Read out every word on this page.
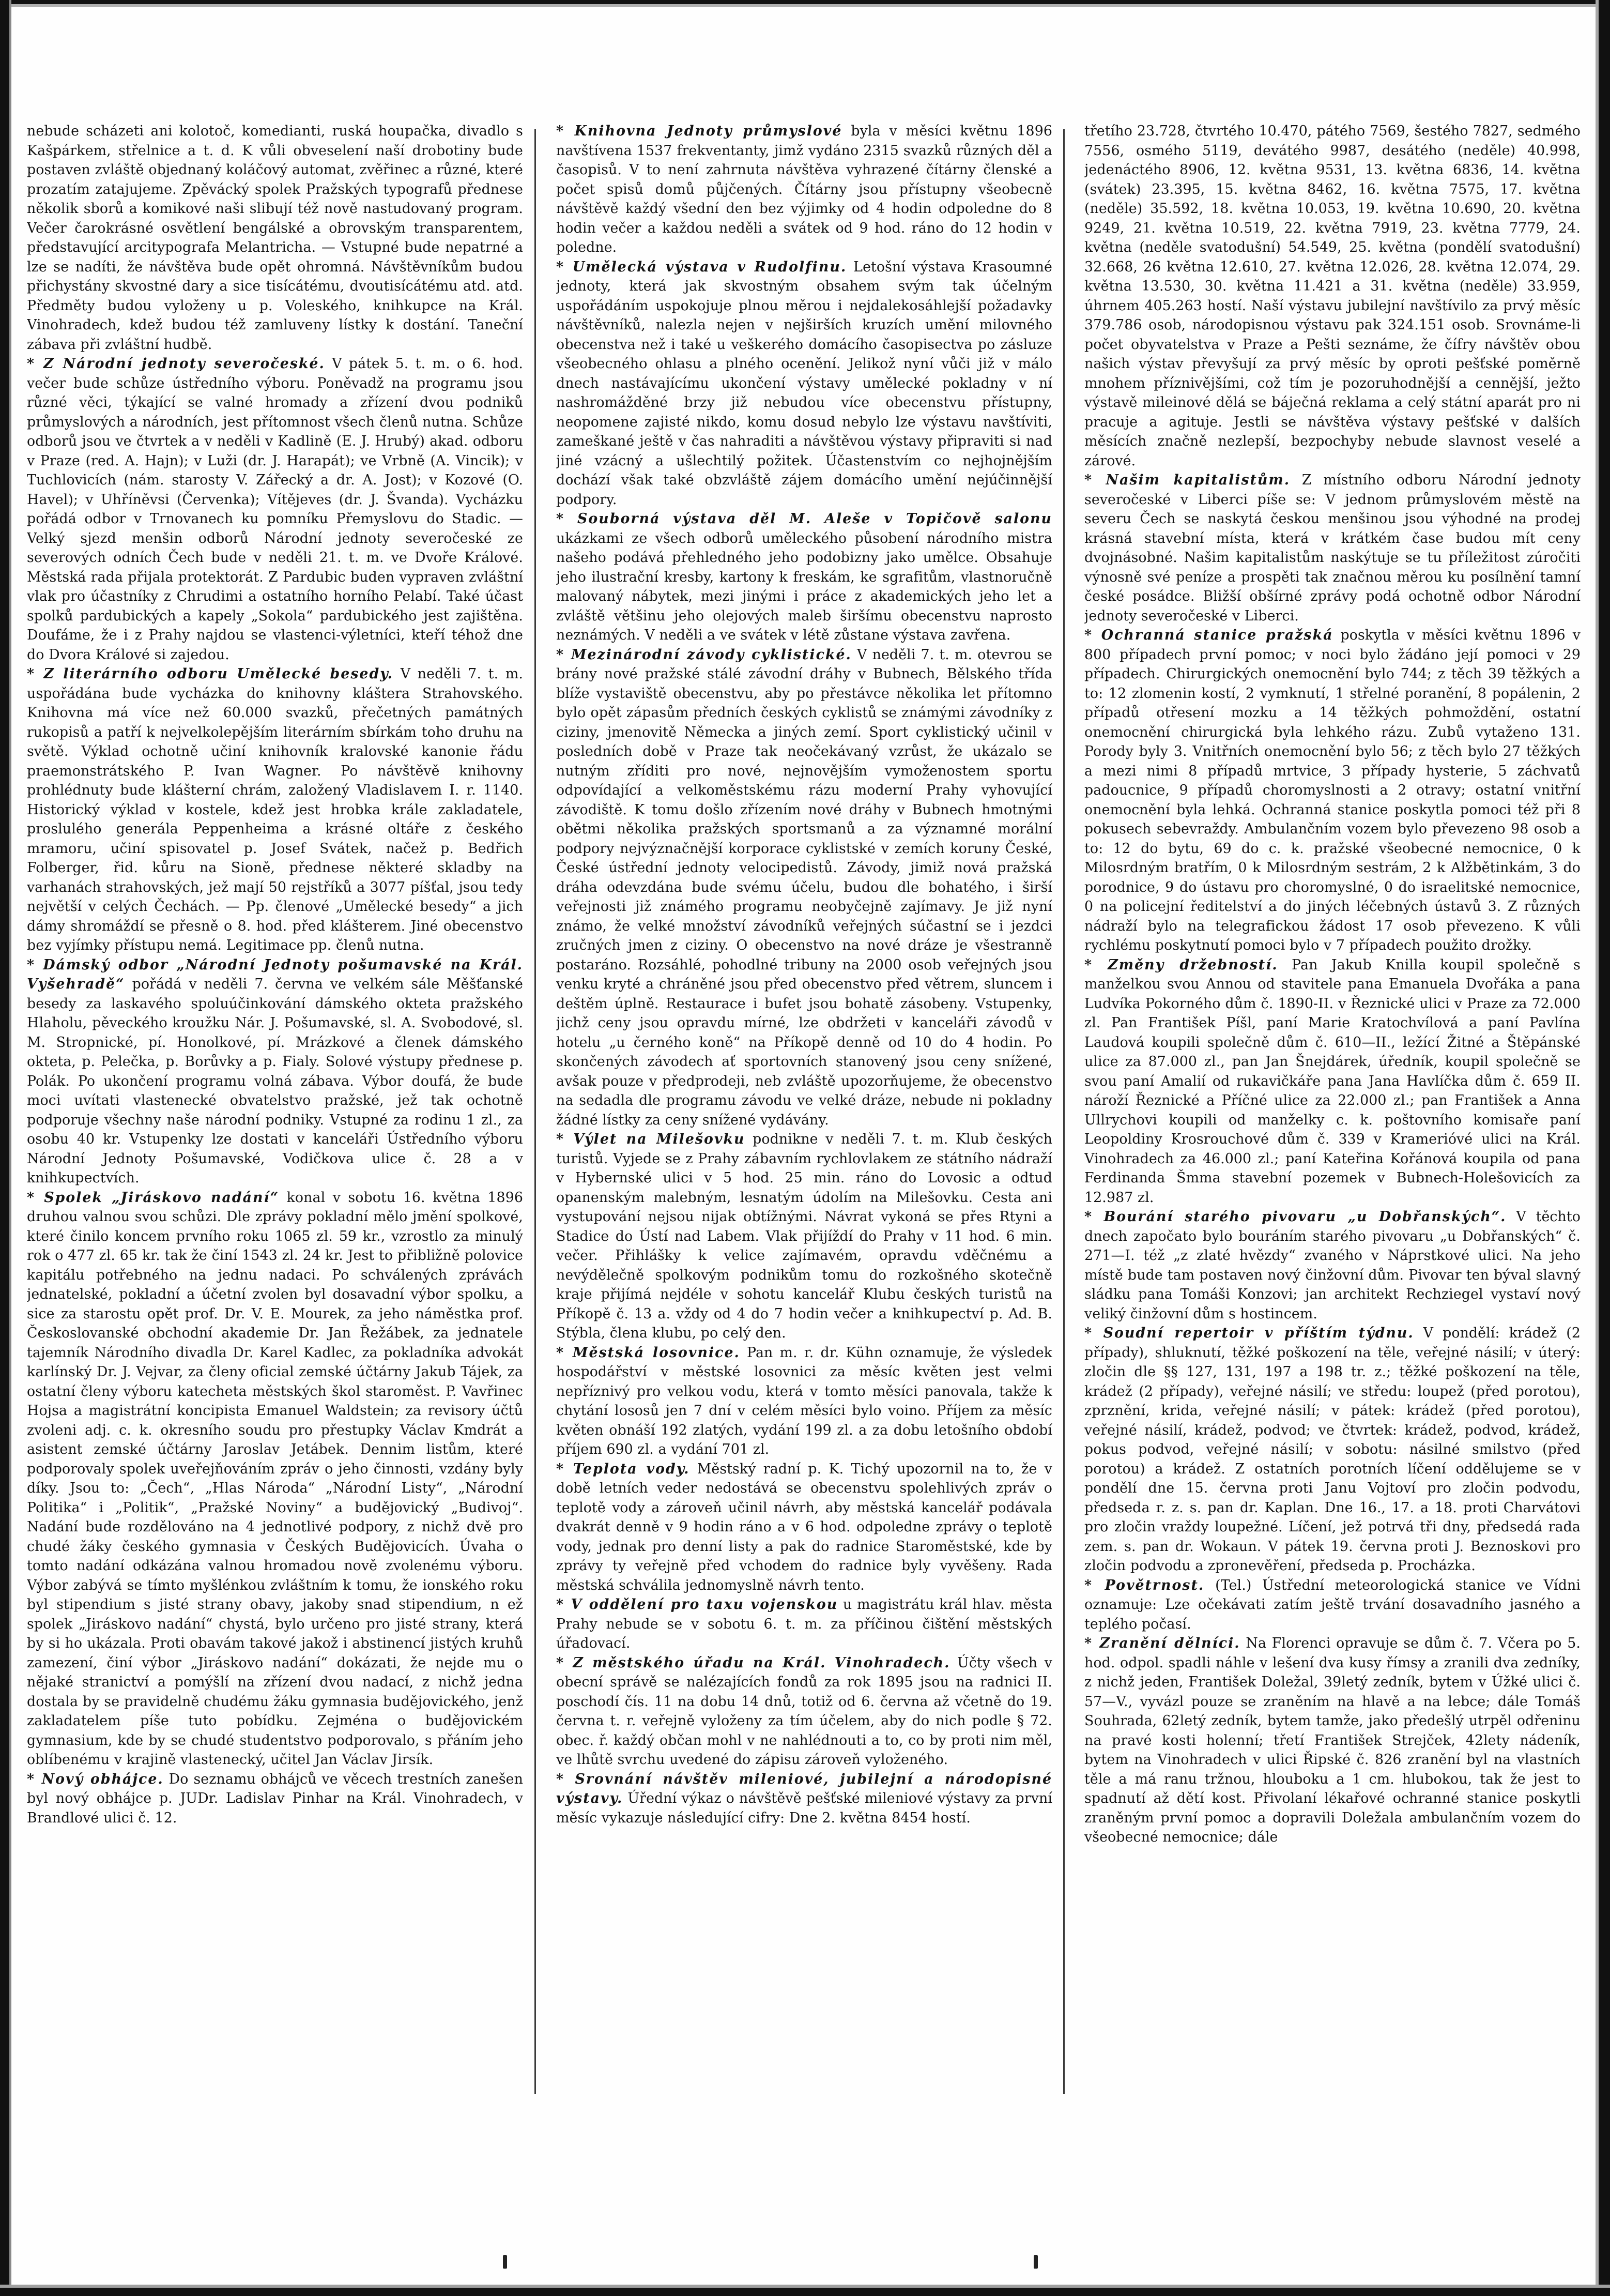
nebude scházeti ani kolotoč, komedianti, ruská houpačka, divadlo s Kašpárkem, střelnice a t. d. K vůli obveselení naší drobotiny bude postaven zvláště objednaný koláčový automat, zvěřinec a různé, které prozatím zatajujeme. Zpěvácký spolek Pražských typografů přednese několik sborů a komikové naši slibují též nově nastudovaný program. Večer čarokrásné osvětlení bengálské a obrovským transparentem, představující arcitypografa Melantricha. — Vstupné bude nepatrné a lze se nadíti, že návštěva bude opět ohromná. Návštěvníkům budou přichystány skvostné dary a sice tisícátému, dvoutisícátému atd. atd. Předměty budou vyloženy u p. Voleského, knihkupce na Král. Vinohradech, kdež budou též zamluveny lístky k dostání. Taneční zábava při zvláštní hudbě.

* Z Národní jednoty severočeské. V pátek 5. t. m. o 6. hod. večer bude schůze ústředního výboru. Poněvadž na programu jsou různé věci, týkající se valné hromady a zřízení dvou podniků průmyslových a národních, jest přítomnost všech členů nutna. Schůze odborů jsou ve čtvrtek a v neděli v Kadlině (E. J. Hrubý) akad. odboru v Praze (red. A. Hajn); v Luži (dr. J. Harapát); ve Vrbně (A. Vincik); v Tuchlovicích (nám. starosty V. Zářecký a dr. A. Jost); v Kozové (O. Havel); v Uhříněvsi (Červenka); Vítějeves (dr. J. Švanda). Vycházku pořádá odbor v Trnovanech ku pomníku Přemyslovu do Stadic. — Velký sjezd menšin odborů Národní jednoty severočeské ze severových odních Čech bude v neděli 21. t. m. ve Dvoře Králové. Městská rada přijala protektorát. Z Pardubic buden vypraven zvláštní vlak pro účastníky z Chrudimi a ostatního horního Pelabí. Také účast spolků pardubických a kapely „Sokola“ pardubického jest zajištěna. Doufáme, že i z Prahy najdou se vlastenci-výletníci, kteří téhož dne do Dvora Králové si zajedou.

* Z literárního odboru Umělecké besedy. V neděli 7. t. m. uspořádána bude vycházka do knihovny kláštera Strahovského. Knihovna má více než 60.000 svazků, přečetných památných rukopisů a patří k nejvelkolepějším literárním sbírkám toho druhu na světě. Výklad ochotně učiní knihovník kralovské kanonie řádu praemonstrátského P. Ivan Wagner. Po návštěvě knihovny prohlédnuty bude klášterní chrám, založený Vladislavem I. r. 1140. Historický výklad v kostele, kdež jest hrobka krále zakladatele, proslulého generála Peppenheima a krásné oltáře z českého mramoru, učiní spisovatel p. Josef Svátek, načež p. Bedřich Folberger, řid. kůru na Sioně, přednese některé skladby na varhanách strahovských, jež mají 50 rejstříků a 3077 píšťal, jsou tedy největší v celých Čechách. — Pp. členové „Umělecké besedy“ a jich dámy shromáždí se přesně o 8. hod. před klášterem. Jiné obecenstvo bez vyjímky přístupu nemá. Legitimace pp. členů nutna.

* Dámský odbor „Národní Jednoty pošumavské na Král. Vyšehradě“ pořádá v neděli 7. června ve velkém sále Měšťanské besedy za laskavého spoluúčinkování dámského okteta pražského Hlaholu, pěveckého kroužku Nár. J. Pošumavské, sl. A. Svobodové, sl. M. Stropnické, pí. Honolkové, pí. Mrázkové a členek dámského okteta, p. Pelečka, p. Borůvky a p. Fialy. Solové výstupy přednese p. Polák. Po ukončení programu volná zábava. Výbor doufá, že bude moci uvítati vlastenecké obvatelstvo pražské, jež tak ochotně podporuje všechny naše národní podniky. Vstupné za rodinu 1 zl., za osobu 40 kr. Vstupenky lze dostati v kanceláři Ústředního výboru Národní Jednoty Pošumavské, Vodičkova ulice č. 28 a v knihkupectvích.

* Spolek „Jiráskovo nadání“ konal v sobotu 16. května 1896 druhou valnou svou schůzi. Dle zprávy pokladní mělo jmění spolkové, které činilo koncem prvního roku 1065 zl. 59 kr., vzrostlo za minulý rok o 477 zl. 65 kr. tak že činí 1543 zl. 24 kr. Jest to přibližně polovice kapitálu potřebného na jednu nadaci. Po schválených zprávách jednatelské, pokladní a účetní zvolen byl dosavadní výbor spolku, a sice za starostu opět prof. Dr. V. E. Mourek, za jeho náměstka prof. Českoslovanské obchodní akademie Dr. Jan Řežábek, za jednatele tajemník Národního divadla Dr. Karel Kadlec, za pokladníka advokát karlínský Dr. J. Vejvar, za členy oficial zemské účtárny Jakub Tájek, za ostatní členy výboru katecheta městských škol staroměst. P. Vavřinec Hojsa a magistrátní koncipista Emanuel Waldstein; za revisory účtů zvoleni adj. c. k. okresního soudu pro přestupky Václav Kmdrát a asistent zemské účtárny Jaroslav Jetábek. Dennim listům, které podporovaly spolek uveřejňováním zpráv o jeho činnosti, vzdány byly díky. Jsou to: „Čech“, „Hlas Národa“ „Národní Listy“, „Národní Politika“ i „Politik“, „Pražské Noviny“ a budějovický „Budivoj“. Nadání bude rozdělováno na 4 jednotlivé podpory, z nichž dvě pro chudé žáky českého gymnasia v Českých Budějovicích. Úvaha o tomto nadání odkázána valnou hromadou nově zvolenému výboru. Výbor zabývá se tímto myšlénkou zvláštním k tomu, že ionského roku byl stipendium s jisté strany obavy, jakoby snad stipendium, n ež spolek „Jiráskovo nadání“ chystá, bylo určeno pro jisté strany, která by si ho ukázala. Proti obavám takové jakož i abstinencí jistých kruhů zamezení, činí výbor „Jiráskovo nadání“ dokázati, že nejde mu o nějaké stranictví a pomýšlí na zřízení dvou nadací, z nichž jedna dostala by se pravidelně chudému žáku gymnasia budějovického, jenž zakladatelem píše tuto pobídku. Zejména o budějovickém gymnasium, kde by se chudé studentstvo podporovalo, s přáním jeho oblíbenému v krajině vlastenecký, učitel Jan Václav Jirsík.

* Nový obhájce. Do seznamu obhájců ve věcech trestních zanešen byl nový obhájce p. JUDr. Ladislav Pinhar na Král. Vinohradech, v Brandlové ulici č. 12.

* Knihovna Jednoty průmyslové byla v měsíci květnu 1896 navštívena 1537 frekventanty, jimž vydáno 2315 svazků různých děl a časopisů. V to není zahrnuta návštěva vyhrazené čítárny členské a počet spisů domů půjčených. Čítárny jsou přístupny všeobecně návštěvě každý všední den bez výjimky od 4 hodin odpoledne do 8 hodin večer a každou neděli a svátek od 9 hod. ráno do 12 hodin v poledne.

* Umělecká výstava v Rudolfinu. Letošní výstava Krasoumné jednoty, která jak skvostným obsahem svým tak účelným uspořádáním uspokojuje plnou měrou i nejdalekosáhlejší požadavky návštěvníků, nalezla nejen v nejširších kruzích umění milovného obecenstva než i také u veškerého domácího časopisectva po zásluze všeobecného ohlasu a plného ocenění. Jelikož nyní vůči již v málo dnech nastávajícímu ukončení výstavy umělecké pokladny v ní nashromážděné brzy již nebudou více obecenstvu přístupny, neopomene zajisté nikdo, komu dosud nebylo lze výstavu navštíviti, zameškané ještě v čas nahraditi a návštěvou výstavy připraviti si nad jiné vzácný a ušlechtilý požitek. Účastenstvím co nejhojnějším dochází však také obzvláště zájem domácího umění nejúčinnější podpory.

* Souborná výstava děl M. Aleše v Topičově salonu ukázkami ze všech odborů uměleckého působení národního mistra našeho podává přehledného jeho podobizny jako umělce. Obsahuje jeho ilustrační kresby, kartony k freskám, ke sgrafitům, vlastnoručně malovaný nábytek, mezi jinými i práce z akademických jeho let a zvláště většinu jeho olejových maleb širšímu obecenstvu naprosto neznámých. V neděli a ve svátek v létě zůstane výstava zavřena.

* Mezinárodní závody cyklistické. V neděli 7. t. m. otevrou se brány nové pražské stálé závodní dráhy v Bubnech, Bělského třída blíže vystaviště obecenstvu, aby po přestávce několika let přítomno bylo opět zápasům předních českých cyklistů se známými závodníky z ciziny, jmenovitě Německa a jiných zemí. Sport cyklistický učinil v posledních době v Praze tak neočekávaný vzrůst, že ukázalo se nutným zříditi pro nové, nejnovějším vymoženostem sportu odpovídající a velkoměstskému rázu moderní Prahy vyhovující závodiště. K tomu došlo zřízením nové dráhy v Bubnech hmotnými obětmi několika pražských sportsmanů a za významné morální podpory nejvýznačnější korporace cyklistské v zemích koruny České, České ústřední jednoty velocipedistů. Závody, jimiž nová pražská dráha odevzdána bude svému účelu, budou dle bohatého, i širší veřejnosti již známého programu neobyčejně zajímavy. Je již nyní známo, že velké množství závodníků veřejných súčastní se i jezdci zručných jmen z ciziny. O obecenstvo na nové dráze je všestranně postaráno. Rozsáhlé, pohodlné tribuny na 2000 osob veřejných jsou venku kryté a chráněné jsou před obecenstvo před větrem, sluncem i deštěm úplně. Restaurace i bufet jsou bohatě zásobeny. Vstupenky, jichž ceny jsou opravdu mírné, lze obdržeti v kanceláři závodů v hotelu „u černého koně“ na Příkopě denně od 10 do 4 hodin. Po skončených závodech ať sportovních stanovený jsou ceny snížené, avšak pouze v předprodeji, neb zvláště upozorňujeme, že obecenstvo na sedadla dle programu závodu ve velké dráze, nebude ni pokladny žádné lístky za ceny snížené vydávány.

* Výlet na Milešovku podnikne v neděli 7. t. m. Klub českých turistů. Vyjede se z Prahy zábavním rychlovlakem ze státního nádraží v Hybernské ulici v 5 hod. 25 min. ráno do Lovosic a odtud opanenským malebným, lesnatým údolím na Milešovku. Cesta ani vystupování nejsou nijak obtížnými. Návrat vykoná se přes Rtyni a Stadice do Ústí nad Labem. Vlak přijíždí do Prahy v 11 hod. 6 min. večer. Přihlášky k velice zajímavém, opravdu vděčnému a nevýdělečně spolkovým podnikům tomu do rozkošného skotečně kraje přijímá nejdéle v sohotu kancelář Klubu českých turistů na Příkopě č. 13 a. vždy od 4 do 7 hodin večer a knihkupectví p. Ad. B. Stýbla, člena klubu, po celý den.

* Městská losovnice. Pan m. r. dr. Kühn oznamuje, že výsledek hospodářství v městské losovnici za měsíc květen jest velmi nepříznivý pro velkou vodu, která v tomto měsíci panovala, takže k chytání lososů jen 7 dní v celém měsíci bylo voino. Příjem za měsíc květen obnáší 192 zlatých, vydání 199 zl. a za dobu letošního období příjem 690 zl. a vydání 701 zl.

* Teplota vody. Městský radní p. K. Tichý upozornil na to, že v době letních veder nedostává se obecenstvu spolehlivých zpráv o teplotě vody a zároveň učinil návrh, aby městská kancelář podávala dvakrát denně v 9 hodin ráno a v 6 hod. odpoledne zprávy o teplotě vody, jednak pro denní listy a pak do radnice Staroměstské, kde by zprávy ty veřejně před vchodem do radnice byly vyvěšeny. Rada městská schválila jednomyslně návrh tento.

* V oddělení pro taxu vojenskou u magistrátu král hlav. města Prahy nebude se v sobotu 6. t. m. za příčinou čištění městských úřadovací.

* Z městského úřadu na Král. Vinohradech. Účty všech v obecní správě se nalézajících fondů za rok 1895 jsou na radnici II. poschodí čís. 11 na dobu 14 dnů, totiž od 6. června až včetně do 19. června t. r. veřejně vyloženy za tím účelem, aby do nich podle § 72. obec. ř. každý občan mohl v ne nahlédnouti a to, co by proti nim měl, ve lhůtě svrchu uvedené do zápisu zároveň vyloženého.

* Srovnání návštěv mileniové, jubilejní a národopisné výstavy. Úřední výkaz o návštěvě pešťské mileniové výstavy za první měsíc vykazuje následující cifry: Dne 2. května 8454 hostí.

třetího 23.728, čtvrtého 10.470, pátého 7569, šestého 7827, sedmého 7556, osmého 5119, devátého 9987, desátého (neděle) 40.998, jedenáctého 8906, 12. května 9531, 13. května 6836, 14. května (svátek) 23.395, 15. května 8462, 16. května 7575, 17. května (neděle) 35.592, 18. května 10.053, 19. května 10.690, 20. května 9249, 21. května 10.519, 22. května 7919, 23. května 7779, 24. května (neděle svatodušní) 54.549, 25. května (pondělí svatodušní) 32.668, 26 května 12.610, 27. května 12.026, 28. května 12.074, 29. května 13.530, 30. května 11.421 a 31. května (neděle) 33.959, úhrnem 405.263 hostí. Naší výstavu jubilejní navštívilo za prvý měsíc 379.786 osob, národopisnou výstavu pak 324.151 osob. Srovnáme-li počet obyvatelstva v Praze a Pešti seznáme, že čífry návštěv obou našich výstav převyšují za prvý měsíc by oproti pešťské poměrně mnohem příznivějšími, což tím je pozoruhodnější a cennější, ježto výstavě mileinové dělá se báječná reklama a celý státní aparát pro ni pracuje a agituje. Jestli se návštěva výstavy pešťské v dalších měsících značně nezlepší, bezpochyby nebude slavnost veselé a zárové.

* Našim kapitalistům. Z místního odboru Národní jednoty severočeské v Liberci píše se: V jednom průmyslovém městě na severu Čech se naskytá českou menšinou jsou výhodné na prodej krásná stavební místa, která v krátkém čase budou mít ceny dvojnásobné. Našim kapitalistům naskýtuje se tu příležitost zúročiti výnosně své peníze a prospěti tak značnou měrou ku posílnění tamní české posádce. Bližší obšírné zprávy podá ochotně odbor Národní jednoty severočeské v Liberci.

* Ochranná stanice pražská poskytla v měsíci květnu 1896 v 800 případech první pomoc; v noci bylo žádáno její pomoci v 29 případech. Chirurgických onemocnění bylo 744; z těch 39 těžkých a to: 12 zlomenin kostí, 2 vymknutí, 1 střelné poranění, 8 popálenin, 2 případů otřesení mozku a 14 těžkých pohmoždění, ostatní onemocnění chirurgická byla lehkého rázu. Zubů vytaženo 131. Porody byly 3. Vnitřních onemocnění bylo 56; z těch bylo 27 těžkých a mezi nimi 8 případů mrtvice, 3 případy hysterie, 5 záchvatů padoucnice, 9 případů choromyslnosti a 2 otravy; ostatní vnitřní onemocnění byla lehká. Ochranná stanice poskytla pomoci též při 8 pokusech sebevraždy. Ambulančním vozem bylo převezeno 98 osob a to: 12 do bytu, 69 do c. k. pražské všeobecné nemocnice, 0 k Milosrdným bratřím, 0 k Milosrdným sestrám, 2 k Alžbětinkám, 3 do porodnice, 9 do ústavu pro choromyslné, 0 do israelitské nemocnice, 0 na policejní ředitelství a do jiných léčebných ústavů 3. Z různých nádraží bylo na telegrafickou žádost 17 osob převezeno. K vůli rychlému poskytnutí pomoci bylo v 7 případech použito drožky.

* Změny držebností. Pan Jakub Knilla koupil společně s manželkou svou Annou od stavitele pana Emanuela Dvořáka a pana Ludvíka Pokorného dům č. 1890-II. v Řeznické ulici v Praze za 72.000 zl. Pan František Píšl, paní Marie Kratochvílová a paní Pavlína Laudová koupili společně dům č. 610—II., ležící Žitné a Štěpánské ulice za 87.000 zl., pan Jan Šnejdárek, úředník, koupil společně se svou paní Amalií od rukavičkáře pana Jana Havlíčka dům č. 659 II. nároží Řeznické a Příčné ulice za 22.000 zl.; pan František a Anna Ullrychovi koupili od manželky c. k. poštovního komisaře paní Leopoldiny Krosrouchové dům č. 339 v Kramerióvé ulici na Král. Vinohradech za 46.000 zl.; paní Kateřina Kořánová koupila od pana Ferdinanda Šmma stavební pozemek v Bubnech-Holešovicích za 12.987 zl.

* Bourání starého pivovaru „u Dobřanských“. V těchto dnech započato bylo bouráním starého pivovaru „u Dobřanských“ č. 271—I. též „z zlaté hvězdy“ zvaného v Náprstkové ulici. Na jeho místě bude tam postaven nový činžovní dům. Pivovar ten býval slavný sládku pana Tomáši Konzovi; jan architekt Rechziegel vystaví nový veliký činžovní dům s hostincem.

* Soudní repertoir v příštím týdnu. V pondělí: krádež (2 případy), shluknutí, těžké poškození na těle, veřejné násilí; v úterý: zločin dle §§ 127, 131, 197 a 198 tr. z.; těžké poškození na těle, krádež (2 případy), veřejné násilí; ve středu: loupež (před porotou), zprznění, krida, veřejné násilí; v pátek: krádež (před porotou), veřejné násilí, krádež, podvod; ve čtvrtek: krádež, podvod, krádež, pokus podvod, veřejné násilí; v sobotu: násilné smilstvo (před porotou) a krádež. Z ostatních porotních líčení oddělujeme se v pondělí dne 15. června proti Janu Vojtoví pro zločin podvodu, předseda r. z. s. pan dr. Kaplan. Dne 16., 17. a 18. proti Charvátovi pro zločin vraždy loupežné. Líčení, jež potrvá tři dny, předsedá rada zem. s. pan dr. Wokaun. V pátek 19. června proti J. Beznoskovi pro zločin podvodu a zpronevěření, předseda p. Procházka.

* Povětrnost. (Tel.) Ústřední meteorologická stanice ve Vídni oznamuje: Lze očekávati zatím ještě trvání dosavadního jasného a teplého počasí.

* Zranění dělníci. Na Florenci opravuje se dům č. 7. Včera po 5. hod. odpol. spadli náhle v lešení dva kusy římsy a zranili dva zedníky, z nichž jeden, František Doležal, 39letý zedník, bytem v Úžké ulici č. 57—V., vyvázl pouze se zraněním na hlavě a na lebce; dále Tomáš Souhrada, 62letý zedník, bytem tamže, jako předešlý utrpěl odřeninu na pravé kosti holenní; třetí František Strejček, 42lety nádeník, bytem na Vinohradech v ulici Řipské č. 826 zranění byl na vlastních těle a má ranu tržnou, hlouboku a 1 cm. hlubokou, tak že jest to spadnutí až dětí kost. Přivolaní lékařové ochranné stanice poskytli zraněným první pomoc a dopravili Doležala ambulančním vozem do všeobecné nemocnice; dále
